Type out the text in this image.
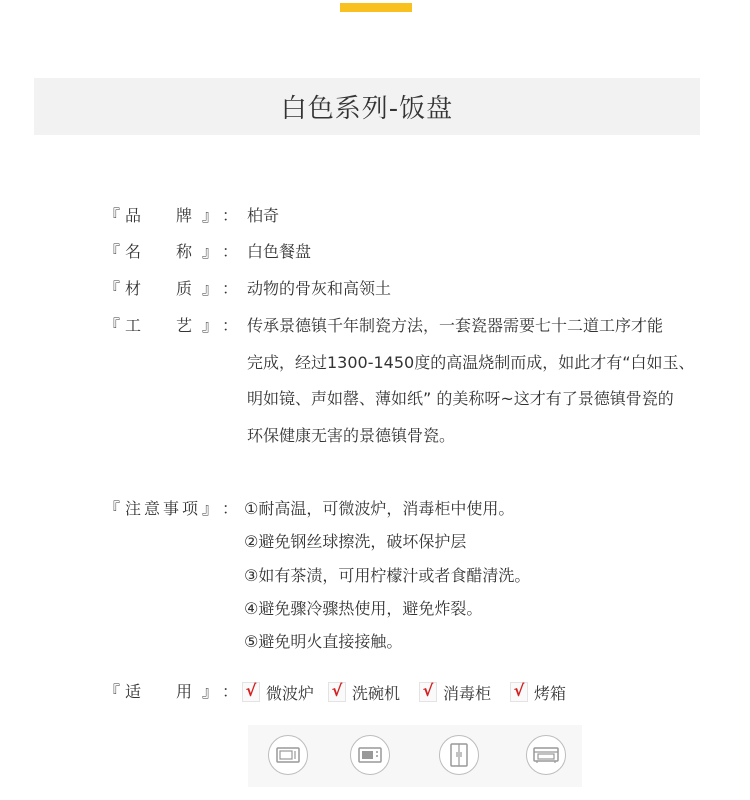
白色系列-饭盘
『 品 牌 』 ： 柏奇
『 名 称 』 ： 白色餐盘
『 材 质 』 ： 动物的骨灰和高领土
『 工 艺 』 ： 传承景德镇千年制瓷方法，一套瓷器需要七十二道工序才能
完成，经过1300-1450度的高温烧制而成，如此才有“白如玉、
明如镜、声如罄、薄如纸” 的美称呀~这才有了景德镇骨瓷的
环保健康无害的景德镇骨瓷。
『 注意事项 』 ： ①耐高温，可微波炉，消毒柜中使用。
②避免钢丝球擦洗，破坏保护层
③如有茶渍，可用柠檬汁或者食醋清洗。
④避免骤冷骤热使用，避免炸裂。
⑤避免明火直接接触。
『 适 用 』 ： √ 微波炉 √ 洗碗机 √ 消毒柜 √ 烤箱
